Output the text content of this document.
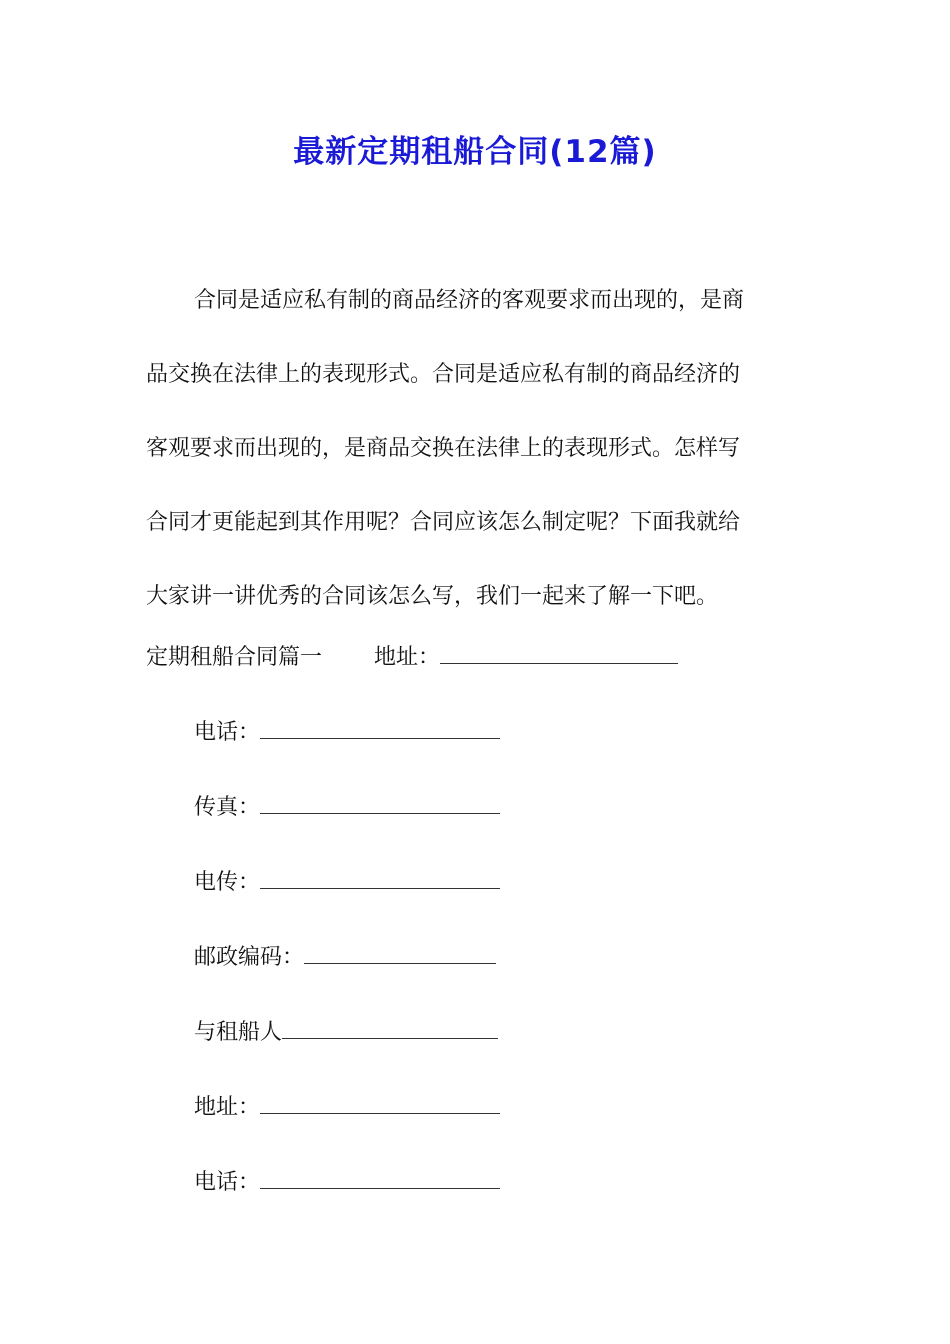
最新定期租船合同(12篇)
合同是适应私有制的商品经济的客观要求而出现的，是商
品交换在法律上的表现形式。合同是适应私有制的商品经济的
客观要求而出现的，是商品交换在法律上的表现形式。怎样写
合同才更能起到其作用呢？合同应该怎么制定呢？下面我就给
大家讲一讲优秀的合同该怎么写，我们一起来了解一下吧。
定期租船合同篇一 地址：
电话：
传真：
电传：
邮政编码：
与租船人
地址：
电话：
